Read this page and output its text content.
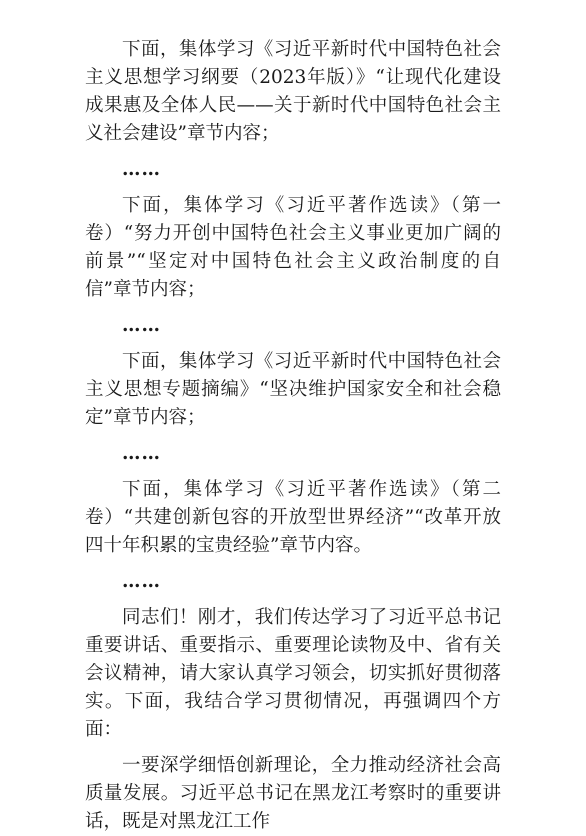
下面，集体学习《习近平新时代中国特色社会主义思想学习纲要（2023年版）》“让现代化建设成果惠及全体人民——关于新时代中国特色社会主义社会建设”章节内容；

……

下面，集体学习《习近平著作选读》（第一卷）“努力开创中国特色社会主义事业更加广阔的前景”“坚定对中国特色社会主义政治制度的自信”章节内容；

……

下面，集体学习《习近平新时代中国特色社会主义思想专题摘编》“坚决维护国家安全和社会稳定”章节内容；

……

下面，集体学习《习近平著作选读》（第二卷）“共建创新包容的开放型世界经济”“改革开放四十年积累的宝贵经验”章节内容。

……

同志们！刚才，我们传达学习了习近平总书记重要讲话、重要指示、重要理论读物及中、省有关会议精神，请大家认真学习领会，切实抓好贯彻落实。下面，我结合学习贯彻情况，再强调四个方面：

一要深学细悟创新理论，全力推动经济社会高质量发展。习近平总书记在黑龙江考察时的重要讲话，既是对黑龙江工作
